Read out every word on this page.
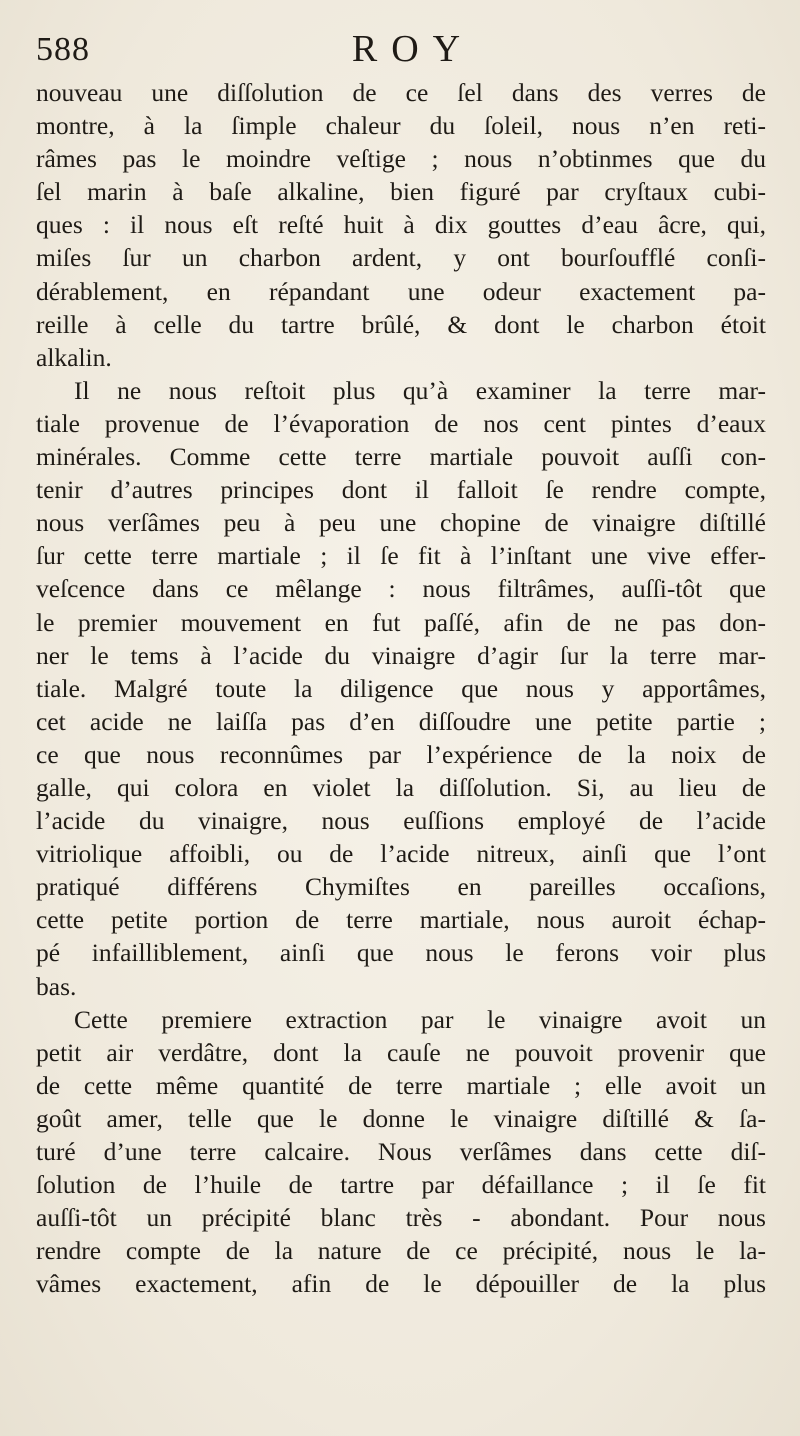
588	ROY
nouveau une diſſolution de ce ſel dans des verres de
montre, à la ſimple chaleur du ſoleil, nous n’en reti-
râmes pas le moindre veſtige ; nous n’obtinmes que du
ſel marin à baſe alkaline, bien figuré par cryſtaux cubi-
ques : il nous eſt reſté huit à dix gouttes d’eau âcre, qui,
miſes ſur un charbon ardent, y ont bourſoufflé conſi-
dérablement, en répandant une odeur exactement pa-
reille à celle du tartre brûlé, & dont le charbon étoit
alkalin.
Il ne nous reſtoit plus qu’à examiner la terre mar-
tiale provenue de l’évaporation de nos cent pintes d’eaux
minérales. Comme cette terre martiale pouvoit auſſi con-
tenir d’autres principes dont il falloit ſe rendre compte,
nous verſâmes peu à peu une chopine de vinaigre diſtillé
ſur cette terre martiale ; il ſe fit à l’inſtant une vive effer-
veſcence dans ce mêlange : nous filtrâmes, auſſi-tôt que
le premier mouvement en fut paſſé, afin de ne pas don-
ner le tems à l’acide du vinaigre d’agir ſur la terre mar-
tiale. Malgré toute la diligence que nous y apportâmes,
cet acide ne laiſſa pas d’en diſſoudre une petite partie ;
ce que nous reconnûmes par l’expérience de la noix de
galle, qui colora en violet la diſſolution. Si, au lieu de
l’acide du vinaigre, nous euſſions employé de l’acide
vitriolique affoibli, ou de l’acide nitreux, ainſi que l’ont
pratiqué différens Chymiſtes en pareilles occaſions,
cette petite portion de terre martiale, nous auroit échap-
pé infailliblement, ainſi que nous le ferons voir plus
bas.
Cette premiere extraction par le vinaigre avoit un
petit air verdâtre, dont la cauſe ne pouvoit provenir que
de cette même quantité de terre martiale ; elle avoit un
goût amer, telle que le donne le vinaigre diſtillé & ſa-
turé d’une terre calcaire. Nous verſâmes dans cette diſ-
ſolution de l’huile de tartre par défaillance ; il ſe fit
auſſi-tôt un précipité blanc très - abondant. Pour nous
rendre compte de la nature de ce précipité, nous le la-
vâmes exactement, afin de le dépouiller de la plus
